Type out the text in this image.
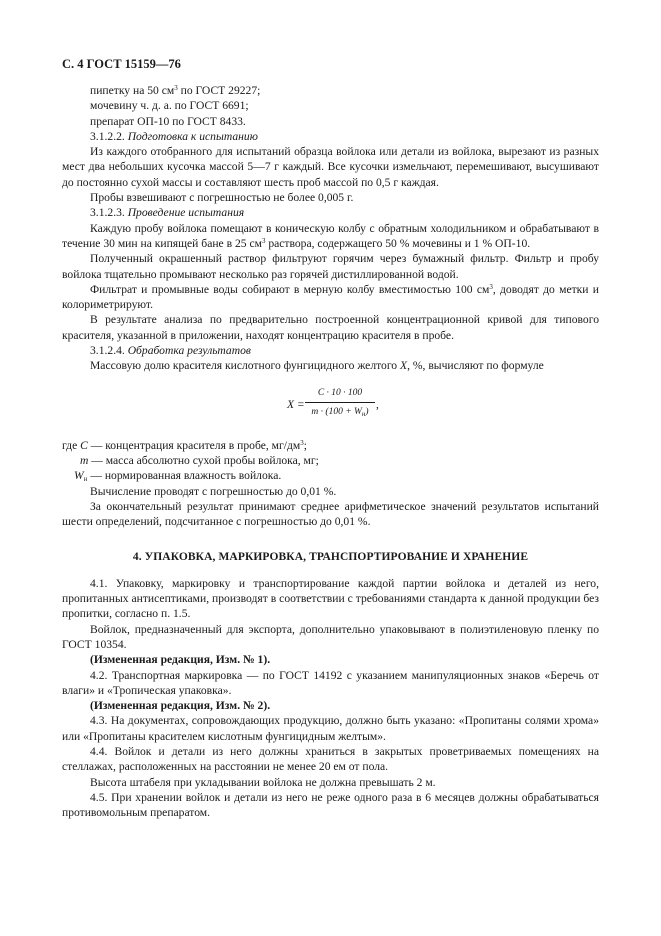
С. 4 ГОСТ 15159—76

пипетку на 50 $см^3$ по ГОСТ 29227;

мочевину ч. д. а. по ГОСТ 6691;

препарат ОП-10 по ГОСТ 8433.

3.1.2.2. Подготовка к испытанию

Из каждого отобранного для испытаний образца войлока или детали из войлока, вырезают из разных мест два небольших кусочка массой 5—7 г каждый. Все кусочки измельчают, перемешивают, высушивают до постоянно сухой массы и составляют шесть проб массой по 0,5 г каждая.

Пробы взвешивают с погрешностью не более 0,005 г.

3.1.2.3. Проведение испытания

Каждую пробу войлока помещают в коническую колбу с обратным холодильником и обрабатывают в течение 30 мин на кипящей бане в 25 $см^3$ раствора, содержащего 50 % мочевины и 1 % ОП-10.

Полученный окрашенный раствор фильтруют горячим через бумажный фильтр. Фильтр и пробу войлока тщательно промывают несколько раз горячей дистиллированной водой.

Фильтрат и промывные воды собирают в мерную колбу вместимостью 100 $см^3$, доводят до метки и колориметрируют.

В результате анализа по предварительно построенной концентрационной кривой для типового красителя, указанной в приложении, находят концентрацию красителя в пробе.

3.1.2.4. Обработка результатов

Массовую долю красителя кислотного фунгицидного желтого X, %, вычисляют по формуле

X =
C · 10 · 100
$m \cdot (100 + W_н)$
,

где C — концентрация красителя в пробе, $мг/дм^3$;

m — масса абсолютно сухой пробы войлока, мг;

$W_н$ — нормированная влажность войлока.

Вычисление проводят с погрешностью до 0,01 %.

За окончательный результат принимают среднее арифметическое значений результатов испытаний шести определений, подсчитанное с погрешностью до 0,01 %.

4. УПАКОВКА, МАРКИРОВКА, ТРАНСПОРТИРОВАНИЕ И ХРАНЕНИЕ

4.1. Упаковку, маркировку и транспортирование каждой партии войлока и деталей из него, пропитанных антисептиками, производят в соответствии с требованиями стандарта к данной продукции без пропитки, согласно п. 1.5.

Войлок, предназначенный для экспорта, дополнительно упаковывают в полиэтиленовую пленку по ГОСТ 10354.

(Измененная редакция, Изм. № 1).

4.2. Транспортная маркировка — по ГОСТ 14192 с указанием манипуляционных знаков «Беречь от влаги» и «Тропическая упаковка».

(Измененная редакция, Изм. № 2).

4.3. На документах, сопровождающих продукцию, должно быть указано: «Пропитаны солями хрома» или «Пропитаны красителем кислотным фунгицидным желтым».

4.4. Войлок и детали из него должны храниться в закрытых проветриваемых помещениях на стеллажах, расположенных на расстоянии не менее 20 ем от пола.

Высота штабеля при укладывании войлока не должна превышать 2 м.

4.5. При хранении войлок и детали из него не реже одного раза в 6 месяцев должны обрабатываться противомольным препаратом.
